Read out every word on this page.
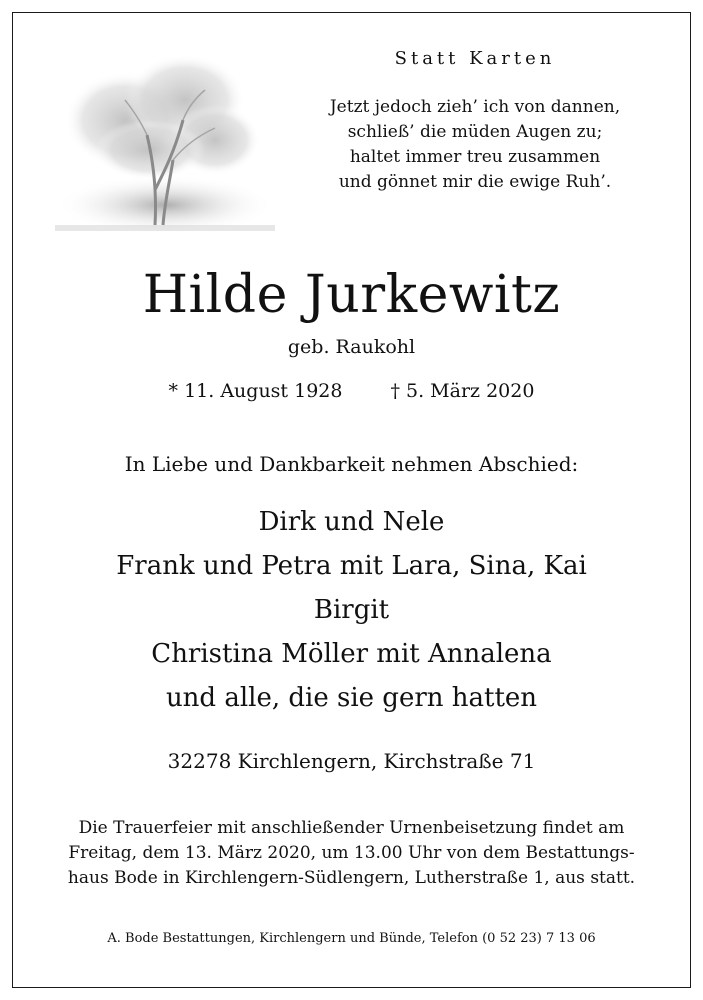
Statt Karten
Jetzt jedoch zieh’ ich von dannen,
schließ’ die müden Augen zu;
haltet immer treu zusammen
und gönnet mir die ewige Ruh’.
Hilde Jurkewitz
geb. Raukohl
* 11. August 1928	† 5. März 2020
In Liebe und Dankbarkeit nehmen Abschied:
Dirk und Nele
Frank und Petra mit Lara, Sina, Kai
Birgit
Christina Möller mit Annalena
und alle, die sie gern hatten
32278 Kirchlengern, Kirchstraße 71
Die Trauerfeier mit anschließender Urnenbeisetzung findet am
Freitag, dem 13. März 2020, um 13.00 Uhr von dem Bestattungs-
haus Bode in Kirchlengern-Südlengern, Lutherstraße 1, aus statt.
A. Bode Bestattungen, Kirchlengern und Bünde, Telefon (0 52 23) 7 13 06
